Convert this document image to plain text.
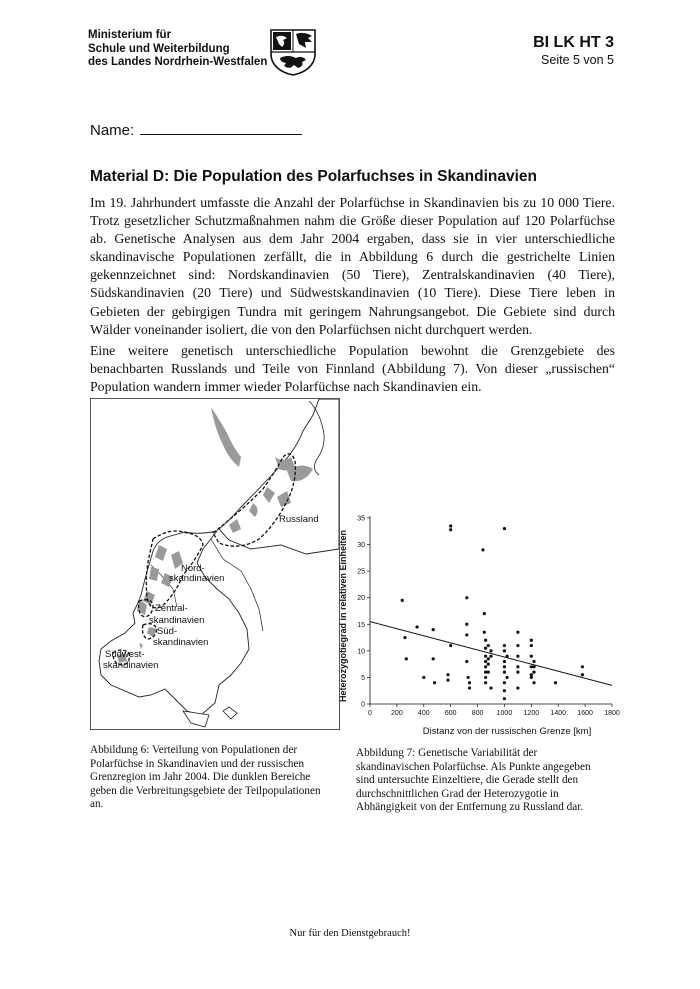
Ministerium für
Schule und Weiterbildung
des Landes Nordrhein-Westfalen
BI LK HT 3
Seite 5 von 5
Name:
Material D: Die Population des Polarfuchses in Skandinavien

Im 19. Jahrhundert umfasste die Anzahl der Polarfüchse in Skandinavien bis zu 10 000 Tiere. Trotz gesetzlicher Schutzmaßnahmen nahm die Größe dieser Population auf 120 Polarfüchse ab. Genetische Analysen aus dem Jahr 2004 ergaben, dass sie in vier unterschiedliche skandinavische Populationen zerfällt, die in Abbildung 6 durch die gestrichelte Linien gekennzeichnet sind: Nordskandinavien (50 Tiere), Zentralskandinavien (40 Tiere), Südskandinavien (20 Tiere) und Südwestskandinavien (10 Tiere). Diese Tiere leben in Gebieten der gebirgigen Tundra mit geringem Nahrungsangebot. Die Gebiete sind durch Wälder voneinander isoliert, die von den Polarfüchsen nicht durchquert werden.

Eine weitere genetisch unterschiedliche Population bewohnt die Grenzgebiete des benachbarten Russlands und Teile von Finnland (Abbildung 7). Von dieser „russischen“ Population wandern immer wieder Polarfüchse nach Skandinavien ein.

Russland
Nord-
skandinavien
Zentral-
skandinavien
Süd-
skandinavien
Südwest-
skandinavien
0
5
10
15
20
25
30
35
0	200 400 600 800 1000 1200 1400 1600 1800
Distanz von der russischen Grenze [km]
Heterozygotiegrad in relativen Einheiten
Abbildung 6: Verteilung von Populationen der Polarfüchse in Skandinavien und der russischen Grenzregion im Jahr 2004. Die dunklen Bereiche geben die Verbreitungsgebiete der Teilpopulationen an.
Abbildung 7: Genetische Variabilität der skandinavischen Polarfüchse. Als Punkte angegeben sind untersuchte Einzeltiere, die Gerade stellt den durchschnittlichen Grad der Heterozygotie in Abhängigkeit von der Entfernung zu Russland dar.
Nur für den Dienstgebrauch!
